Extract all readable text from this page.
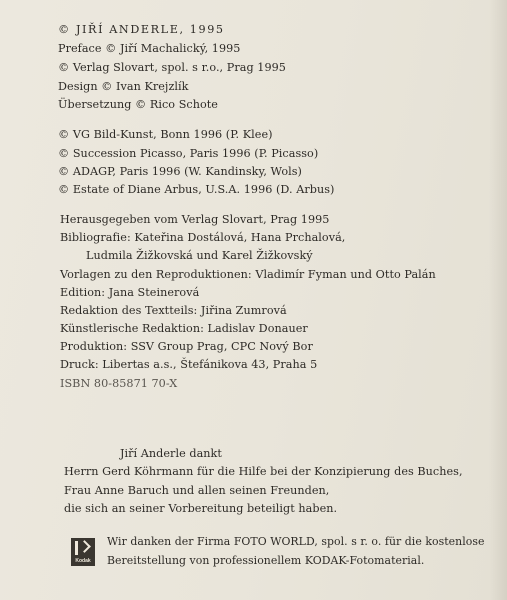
© JIŘÍ ANDERLE, 1995
Preface © Jiří Machalický, 1995
© Verlag Slovart, spol. s r.o., Prag 1995
Design © Ivan Krejzlík
Übersetzung © Rico Schote
© VG Bild-Kunst, Bonn 1996 (P. Klee)
© Succession Picasso, Paris 1996 (P. Picasso)
© ADAGP, Paris 1996 (W. Kandinsky, Wols)
© Estate of Diane Arbus, U.S.A. 1996 (D. Arbus)
Herausgegeben vom Verlag Slovart, Prag 1995
Bibliografie: Kateřina Dostálová, Hana Prchalová,
Ludmila Žižkovská und Karel Žižkovský
Vorlagen zu den Reproduktionen: Vladimír Fyman und Otto Palán
Edition: Jana Steinerová
Redaktion des Textteils: Jiřina Zumrová
Künstlerische Redaktion: Ladislav Donauer
Produktion: SSV Group Prag, CPC Nový Bor
Druck: Libertas a.s., Štefánikova 43, Praha 5
ISBN 80-85871 70-X
Jiří Anderle dankt
Herrn Gerd Köhrmann für die Hilfe bei der Konzipierung des Buches,
Frau Anne Baruch und allen seinen Freunden,
die sich an seiner Vorbereitung beteiligt haben.
Kodak
Wir danken der Firma FOTO WORLD, spol. s r. o. für die kostenlose
Bereitstellung von professionellem KODAK-Fotomaterial.
